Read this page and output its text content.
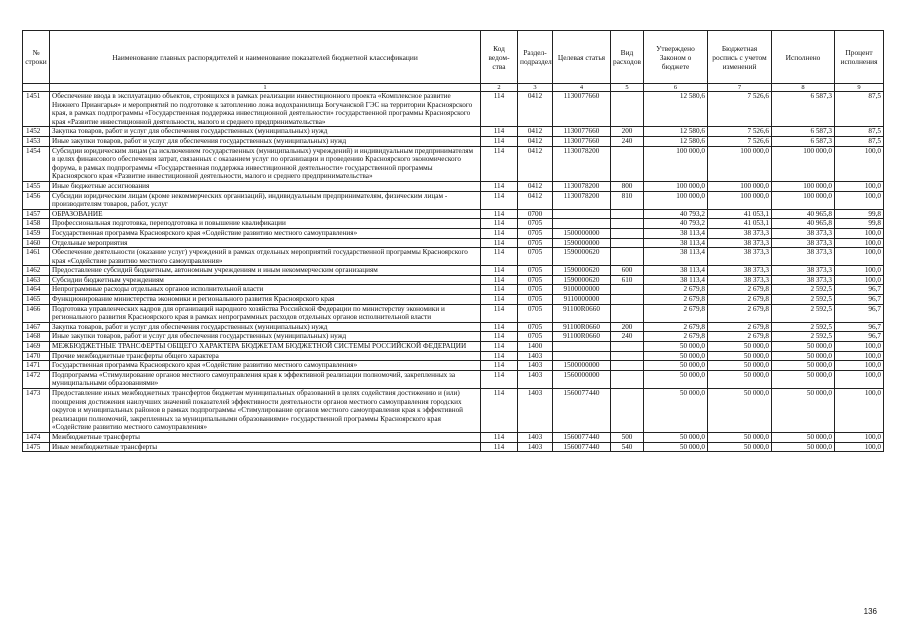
№ строки	Наименование главных распорядителей и наименование показателей бюджетной классификации	Код ведом-ства	Раздел-подраздел	Целевая статья	Вид расходов	Утверждено Законом о бюджете	Бюджетная роспись с учетом изменений	Исполнено	Процент исполнения
	1	2	3	4	5	6	7	8	9
1451	Обеспечение ввода в эксплуатацию объектов, строящихся в рамках реализации инвестиционного проекта «Комплексное развитие Нижнего Приангарья» и мероприятий по подготовке к затоплению ложа водохранилища Богучанской ГЭС на территории Красноярского края, в рамках подпрограммы «Государственная поддержка инвестиционной деятельности» государственной программы Красноярского края «Развитие инвестиционной деятельности, малого и среднего предпринимательства»	114	0412	1130077660		12 580,6	7 526,6	6 587,3	87,5
1452	Закупка товаров, работ и услуг для обеспечения государственных (муниципальных) нужд	114	0412	1130077660	200	12 580,6	7 526,6	6 587,3	87,5
1453	Иные закупки товаров, работ и услуг для обеспечения государственных (муниципальных) нужд	114	0412	1130077660	240	12 580,6	7 526,6	6 587,3	87,5
1454	Субсидии юридическим лицам (за исключением государственных (муниципальных) учреждений) и индивидуальным предпринимателям в целях финансового обеспечения затрат, связанных с оказанием услуг по организации и проведению Красноярского экономического форума, в рамках подпрограммы «Государственная поддержка инвестиционной деятельности» государственной программы Красноярского края «Развитие инвестиционной деятельности, малого и среднего предпринимательства»	114	0412	1130078200		100 000,0	100 000,0	100 000,0	100,0
1455	Иные бюджетные ассигнования	114	0412	1130078200	800	100 000,0	100 000,0	100 000,0	100,0
1456	Субсидии юридическим лицам (кроме некоммерческих организаций), индивидуальным предпринимателям, физическим лицам - производителям товаров, работ, услуг	114	0412	1130078200	810	100 000,0	100 000,0	100 000,0	100,0
1457	ОБРАЗОВАНИЕ	114	0700			40 793,2	41 053,1	40 965,8	99,8
1458	Профессиональная подготовка, переподготовка и повышение квалификации	114	0705			40 793,2	41 053,1	40 965,8	99,8
1459	Государственная программа Красноярского края «Содействие развитию местного самоуправления»	114	0705	1500000000		38 113,4	38 373,3	38 373,3	100,0
1460	Отдельные мероприятия	114	0705	1590000000		38 113,4	38 373,3	38 373,3	100,0
1461	Обеспечение деятельности (оказание услуг) учреждений в рамках отдельных мероприятий государственной программы Красноярского края «Содействие развитию местного самоуправления»	114	0705	1590000620		38 113,4	38 373,3	38 373,3	100,0
1462	Предоставление субсидий бюджетным, автономным учреждениям и иным некоммерческим организациям	114	0705	1590000620	600	38 113,4	38 373,3	38 373,3	100,0
1463	Субсидии бюджетным учреждениям	114	0705	1590000620	610	38 113,4	38 373,3	38 373,3	100,0
1464	Непрограммные расходы отдельных органов исполнительной власти	114	0705	9100000000		2 679,8	2 679,8	2 592,5	96,7
1465	Функционирование министерства экономики и регионального развития Красноярского края	114	0705	9110000000		2 679,8	2 679,8	2 592,5	96,7
1466	Подготовка управленческих кадров для организаций народного хозяйства Российской Федерации по министерству экономики и регионального развития Красноярского края в рамках непрограммных расходов отдельных органов исполнительной власти	114	0705	91100R0660		2 679,8	2 679,8	2 592,5	96,7
1467	Закупка товаров, работ и услуг для обеспечения государственных (муниципальных) нужд	114	0705	91100R0660	200	2 679,8	2 679,8	2 592,5	96,7
1468	Иные закупки товаров, работ и услуг для обеспечения государственных (муниципальных) нужд	114	0705	91100R0660	240	2 679,8	2 679,8	2 592,5	96,7
1469	МЕЖБЮДЖЕТНЫЕ ТРАНСФЕРТЫ ОБЩЕГО ХАРАКТЕРА БЮДЖЕТАМ БЮДЖЕТНОЙ СИСТЕМЫ РОССИЙСКОЙ ФЕДЕРАЦИИ	114	1400			50 000,0	50 000,0	50 000,0	100,0
1470	Прочие межбюджетные трансферты общего характера	114	1403			50 000,0	50 000,0	50 000,0	100,0
1471	Государственная программа Красноярского края «Содействие развитию местного самоуправления»	114	1403	1500000000		50 000,0	50 000,0	50 000,0	100,0
1472	Подпрограмма «Стимулирование органов местного самоуправления края к эффективной реализации полномочий, закрепленных за муниципальными образованиями»	114	1403	1560000000		50 000,0	50 000,0	50 000,0	100,0
1473	Предоставление иных межбюджетных трансфертов бюджетам муниципальных образований в целях содействия достижению и (или) поощрения достижения наилучших значений показателей эффективности деятельности органов местного самоуправления городских округов и муниципальных районов в рамках подпрограммы «Стимулирование органов местного самоуправления края к эффективной реализации полномочий, закрепленных за муниципальными образованиями» государственной программы Красноярского края «Содействие развитию местного самоуправления»	114	1403	1560077440		50 000,0	50 000,0	50 000,0	100,0
1474	Межбюджетные трансферты	114	1403	1560077440	500	50 000,0	50 000,0	50 000,0	100,0
1475	Иные межбюджетные трансферты	114	1403	1560077440	540	50 000,0	50 000,0	50 000,0	100,0
136
